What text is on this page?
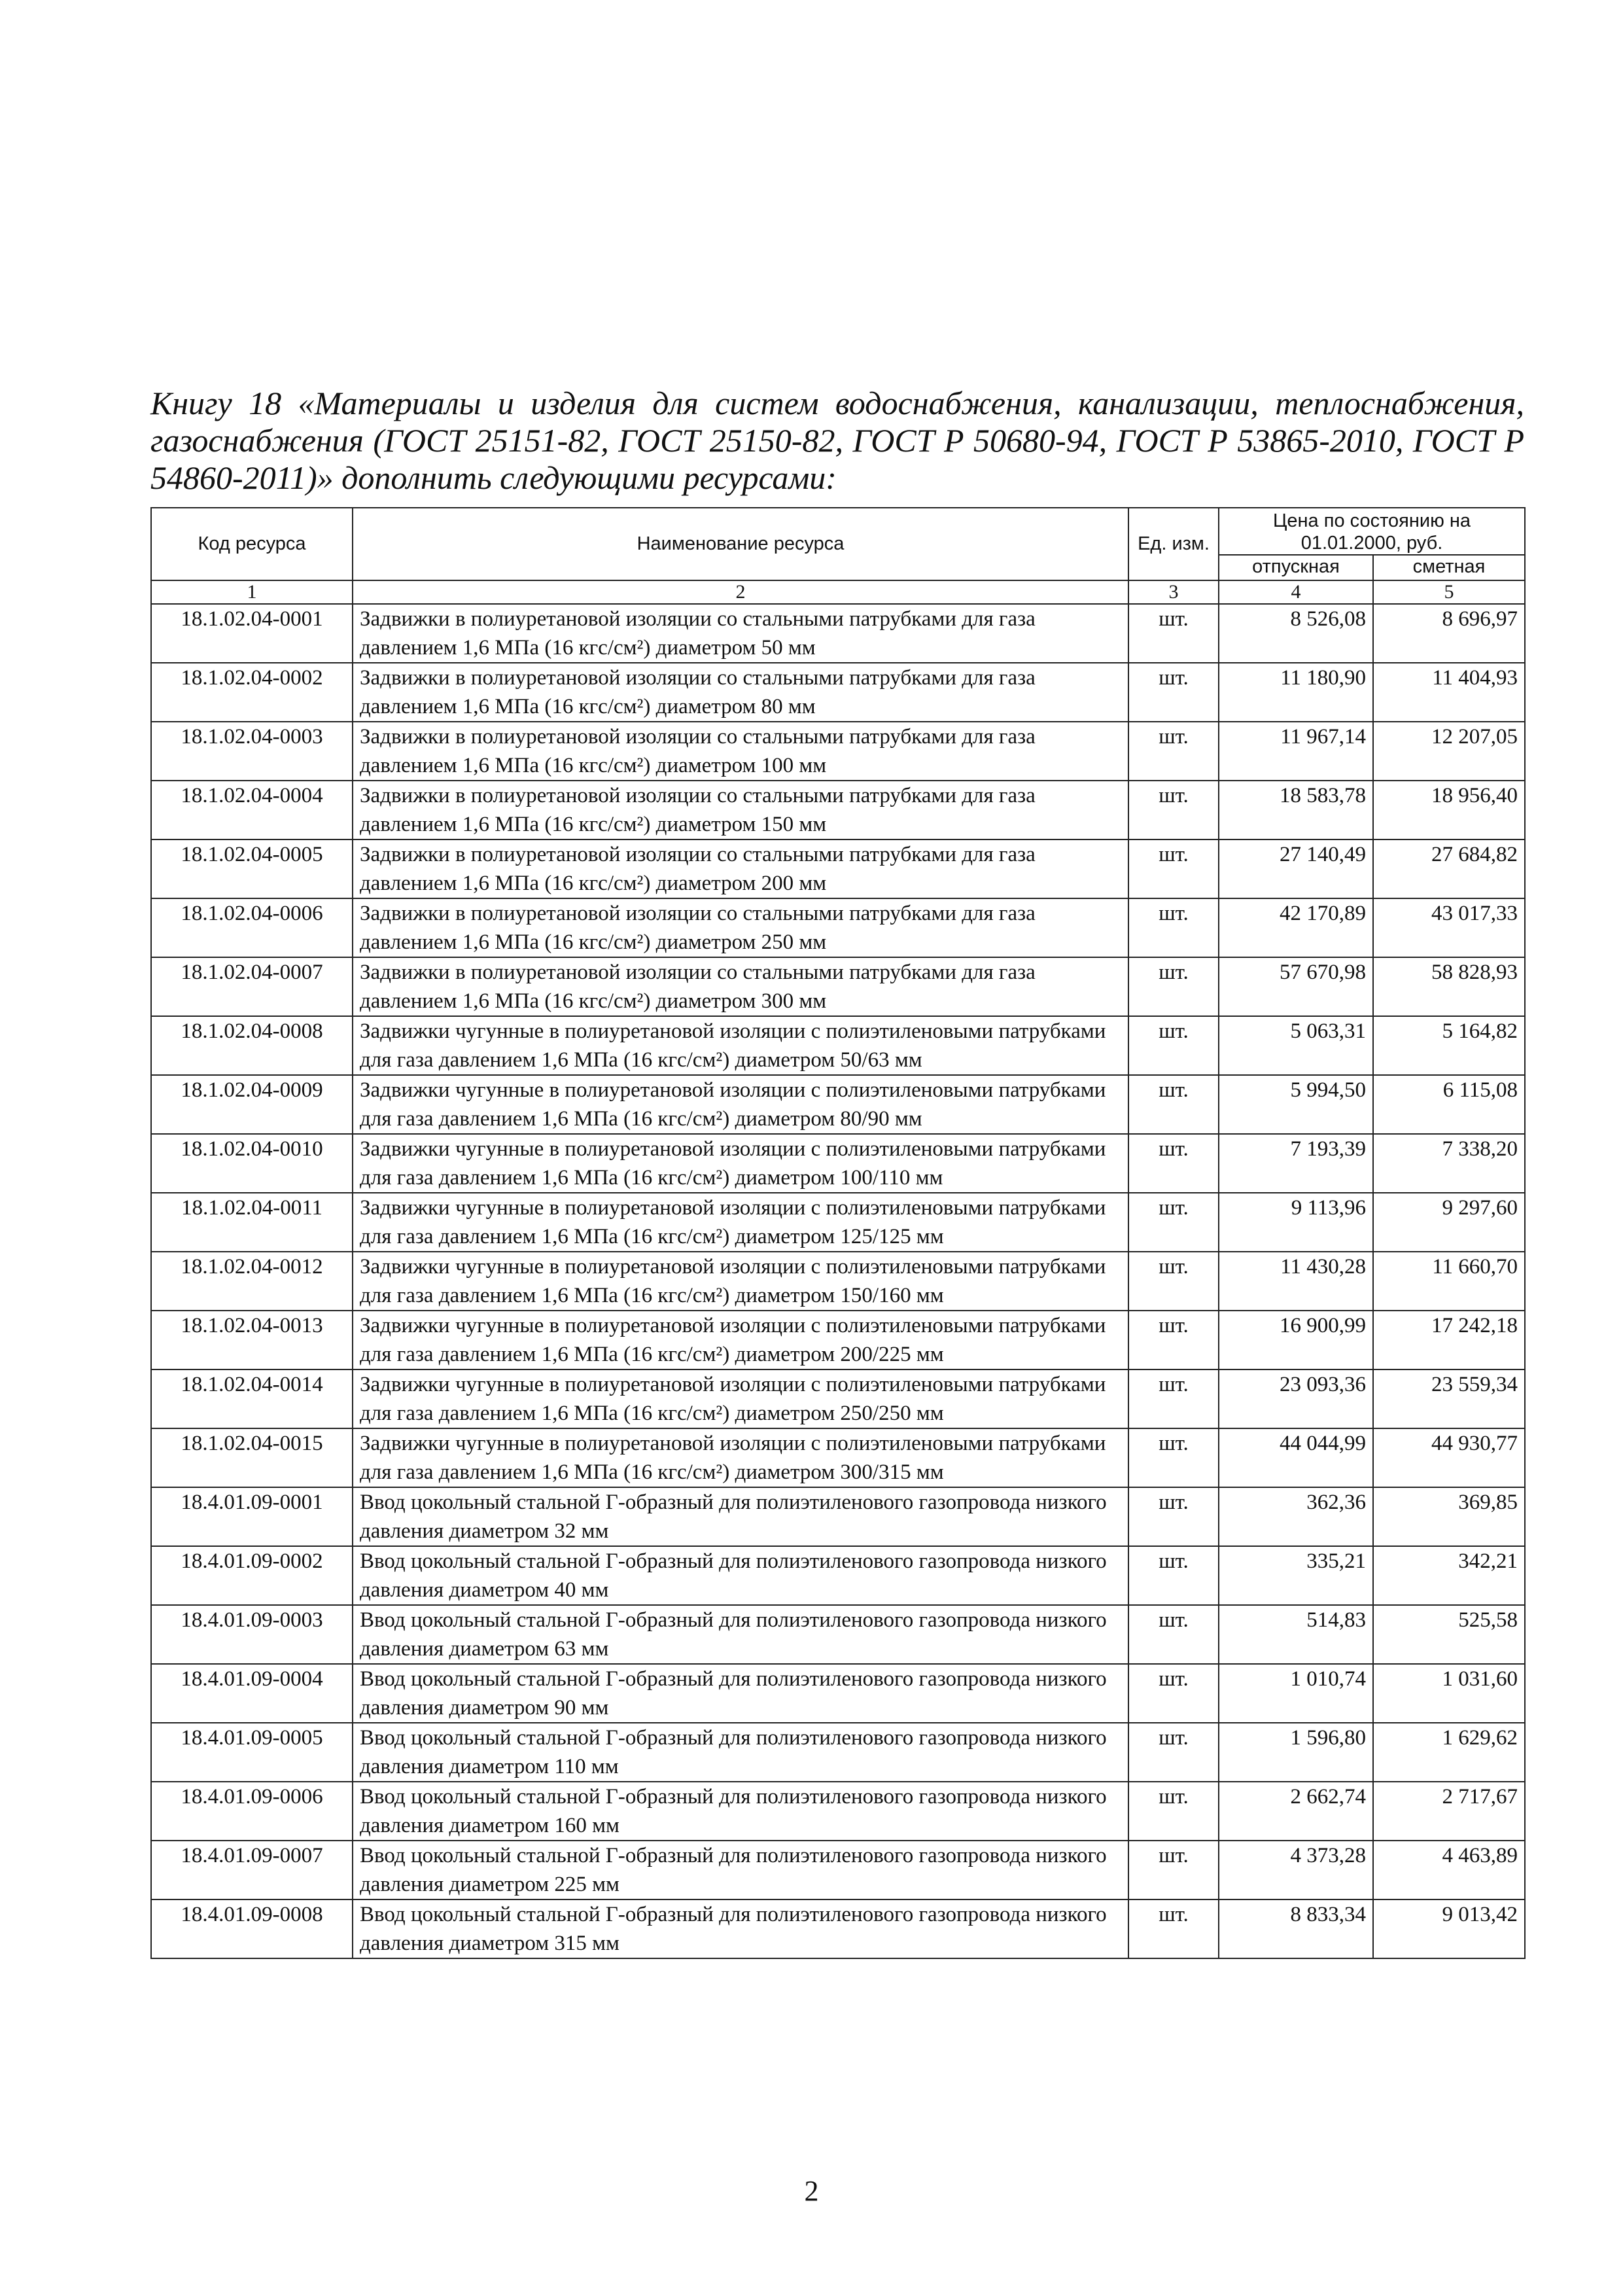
Книгу 18 «Материалы и изделия для систем водоснабжения, канализации, теплоснабжения, газоснабжения (ГОСТ 25151-82, ГОСТ 25150-82, ГОСТ Р 50680-94, ГОСТ Р 53865-2010, ГОСТ Р 54860-2011)» дополнить следующими ресурсами:
Код ресурса	Наименование ресурса	Ед. изм.	Цена по состоянию на 01.01.2000, руб.	
			отпускная	сметная
1	2	3	4	5
18.1.02.04-0001	Задвижки в полиуретановой изоляции со стальными патрубками для газа давлением 1,6 МПа (16 кгс/см²) диаметром 50 мм	шт.	8 526,08	8 696,97
18.1.02.04-0002	Задвижки в полиуретановой изоляции со стальными патрубками для газа давлением 1,6 МПа (16 кгс/см²) диаметром 80 мм	шт.	11 180,90	11 404,93
18.1.02.04-0003	Задвижки в полиуретановой изоляции со стальными патрубками для газа давлением 1,6 МПа (16 кгс/см²) диаметром 100 мм	шт.	11 967,14	12 207,05
18.1.02.04-0004	Задвижки в полиуретановой изоляции со стальными патрубками для газа давлением 1,6 МПа (16 кгс/см²) диаметром 150 мм	шт.	18 583,78	18 956,40
18.1.02.04-0005	Задвижки в полиуретановой изоляции со стальными патрубками для газа давлением 1,6 МПа (16 кгс/см²) диаметром 200 мм	шт.	27 140,49	27 684,82
18.1.02.04-0006	Задвижки в полиуретановой изоляции со стальными патрубками для газа давлением 1,6 МПа (16 кгс/см²) диаметром 250 мм	шт.	42 170,89	43 017,33
18.1.02.04-0007	Задвижки в полиуретановой изоляции со стальными патрубками для газа давлением 1,6 МПа (16 кгс/см²) диаметром 300 мм	шт.	57 670,98	58 828,93
18.1.02.04-0008	Задвижки чугунные в полиуретановой изоляции с полиэтиленовыми патрубками для газа давлением 1,6 МПа (16 кгс/см²) диаметром 50/63 мм	шт.	5 063,31	5 164,82
18.1.02.04-0009	Задвижки чугунные в полиуретановой изоляции с полиэтиленовыми патрубками для газа давлением 1,6 МПа (16 кгс/см²) диаметром 80/90 мм	шт.	5 994,50	6 115,08
18.1.02.04-0010	Задвижки чугунные в полиуретановой изоляции с полиэтиленовыми патрубками для газа давлением 1,6 МПа (16 кгс/см²) диаметром 100/110 мм	шт.	7 193,39	7 338,20
18.1.02.04-0011	Задвижки чугунные в полиуретановой изоляции с полиэтиленовыми патрубками для газа давлением 1,6 МПа (16 кгс/см²) диаметром 125/125 мм	шт.	9 113,96	9 297,60
18.1.02.04-0012	Задвижки чугунные в полиуретановой изоляции с полиэтиленовыми патрубками для газа давлением 1,6 МПа (16 кгс/см²) диаметром 150/160 мм	шт.	11 430,28	11 660,70
18.1.02.04-0013	Задвижки чугунные в полиуретановой изоляции с полиэтиленовыми патрубками для газа давлением 1,6 МПа (16 кгс/см²) диаметром 200/225 мм	шт.	16 900,99	17 242,18
18.1.02.04-0014	Задвижки чугунные в полиуретановой изоляции с полиэтиленовыми патрубками для газа давлением 1,6 МПа (16 кгс/см²) диаметром 250/250 мм	шт.	23 093,36	23 559,34
18.1.02.04-0015	Задвижки чугунные в полиуретановой изоляции с полиэтиленовыми патрубками для газа давлением 1,6 МПа (16 кгс/см²) диаметром 300/315 мм	шт.	44 044,99	44 930,77
18.4.01.09-0001	Ввод цокольный стальной Г-образный для полиэтиленового газопровода низкого давления диаметром 32 мм	шт.	362,36	369,85
18.4.01.09-0002	Ввод цокольный стальной Г-образный для полиэтиленового газопровода низкого давления диаметром 40 мм	шт.	335,21	342,21
18.4.01.09-0003	Ввод цокольный стальной Г-образный для полиэтиленового газопровода низкого давления диаметром 63 мм	шт.	514,83	525,58
18.4.01.09-0004	Ввод цокольный стальной Г-образный для полиэтиленового газопровода низкого давления диаметром 90 мм	шт.	1 010,74	1 031,60
18.4.01.09-0005	Ввод цокольный стальной Г-образный для полиэтиленового газопровода низкого давления диаметром 110 мм	шт.	1 596,80	1 629,62
18.4.01.09-0006	Ввод цокольный стальной Г-образный для полиэтиленового газопровода низкого давления диаметром 160 мм	шт.	2 662,74	2 717,67
18.4.01.09-0007	Ввод цокольный стальной Г-образный для полиэтиленового газопровода низкого давления диаметром 225 мм	шт.	4 373,28	4 463,89
18.4.01.09-0008	Ввод цокольный стальной Г-образный для полиэтиленового газопровода низкого давления диаметром 315 мм	шт.	8 833,34	9 013,42
2
